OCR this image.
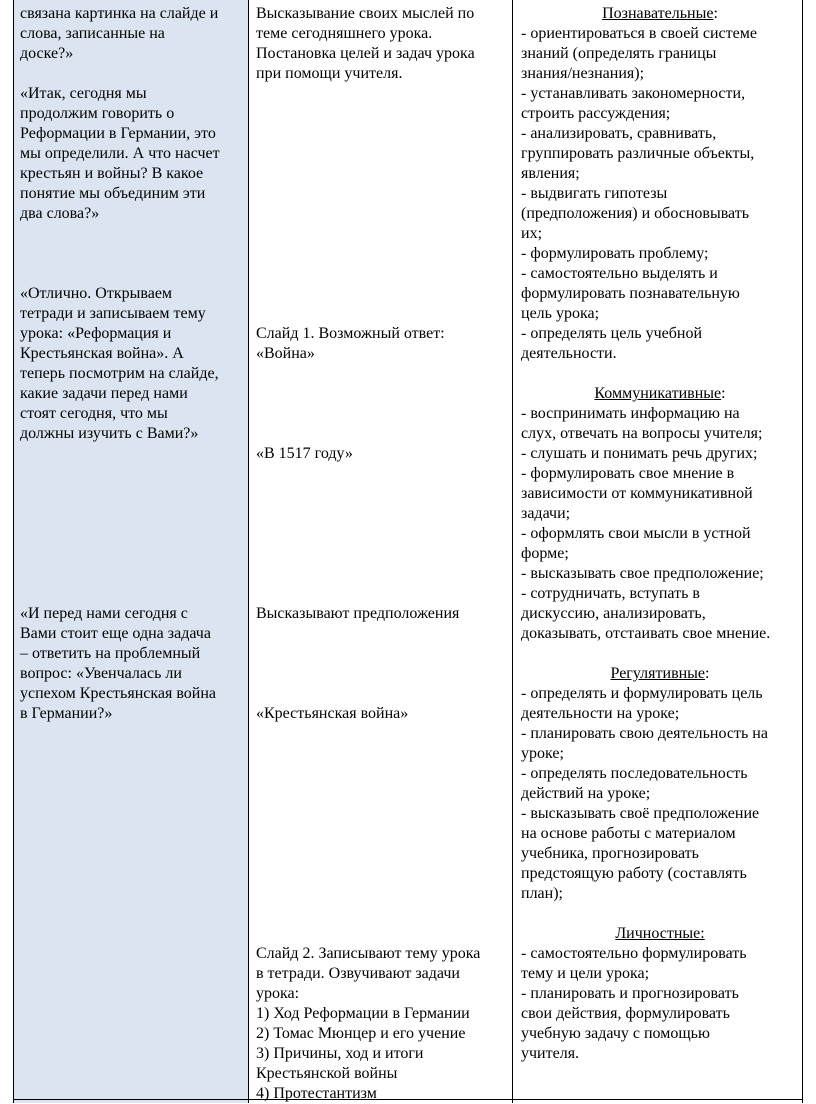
связана картинка на слайде и
слова, записанные на
доске?»

«Итак, сегодня мы
продолжим говорить о
Реформации в Германии, это
мы определили. А что насчет
крестьян и войны? В какое
понятие мы объединим эти
два слова?»

«Отлично. Открываем
тетради и записываем тему
урока: «Реформация и
Крестьянская война». А
теперь посмотрим на слайде,
какие задачи перед нами
стоят сегодня, что мы
должны изучить с Вами?»

«И перед нами сегодня с
Вами стоит еще одна задача
– ответить на проблемный
вопрос: «Увенчалась ли
успехом Крестьянская война
в Германии?»

Высказывание своих мыслей по
теме сегодняшнего урока.
Постановка целей и задач урока
при помощи учителя.

Слайд 1. Возможный ответ:
«Война»

«В 1517 году»

Высказывают предположения

«Крестьянская война»

Слайд 2. Записывают тему урока
в тетради. Озвучивают задачи
урока:
1) Ход Реформации в Германии
2) Томас Мюнцер и его учение
3) Причины, ход и итоги
Крестьянской войны
4) Протестантизм

Познавательные:

- ориентироваться в своей системе
знаний (определять границы
знания/незнания);
- устанавливать закономерности,
строить рассуждения;
- анализировать, сравнивать,
группировать различные объекты,
явления;
- выдвигать гипотезы
(предположения) и обосновывать
их;
- формулировать проблему;
- самостоятельно выделять и
формулировать познавательную
цель урока;
- определять цель учебной
деятельности.

Коммуникативные:

- воспринимать информацию на
слух, отвечать на вопросы учителя;
- слушать и понимать речь других;
- формулировать свое мнение в
зависимости от коммуникативной
задачи;
- оформлять свои мысли в устной
форме;
- высказывать свое предположение;
- сотрудничать, вступать в
дискуссию, анализировать,
доказывать, отстаивать свое мнение.

Регулятивные:

- определять и формулировать цель
деятельности на уроке;
- планировать свою деятельность на
уроке;
- определять последовательность
действий на уроке;
- высказывать своё предположение
на основе работы с материалом
учебника, прогнозировать
предстоящую работу (составлять
план);

Личностные:

- самостоятельно формулировать
тему и цели урока;
- планировать и прогнозировать
свои действия, формулировать
учебную задачу с помощью
учителя.
